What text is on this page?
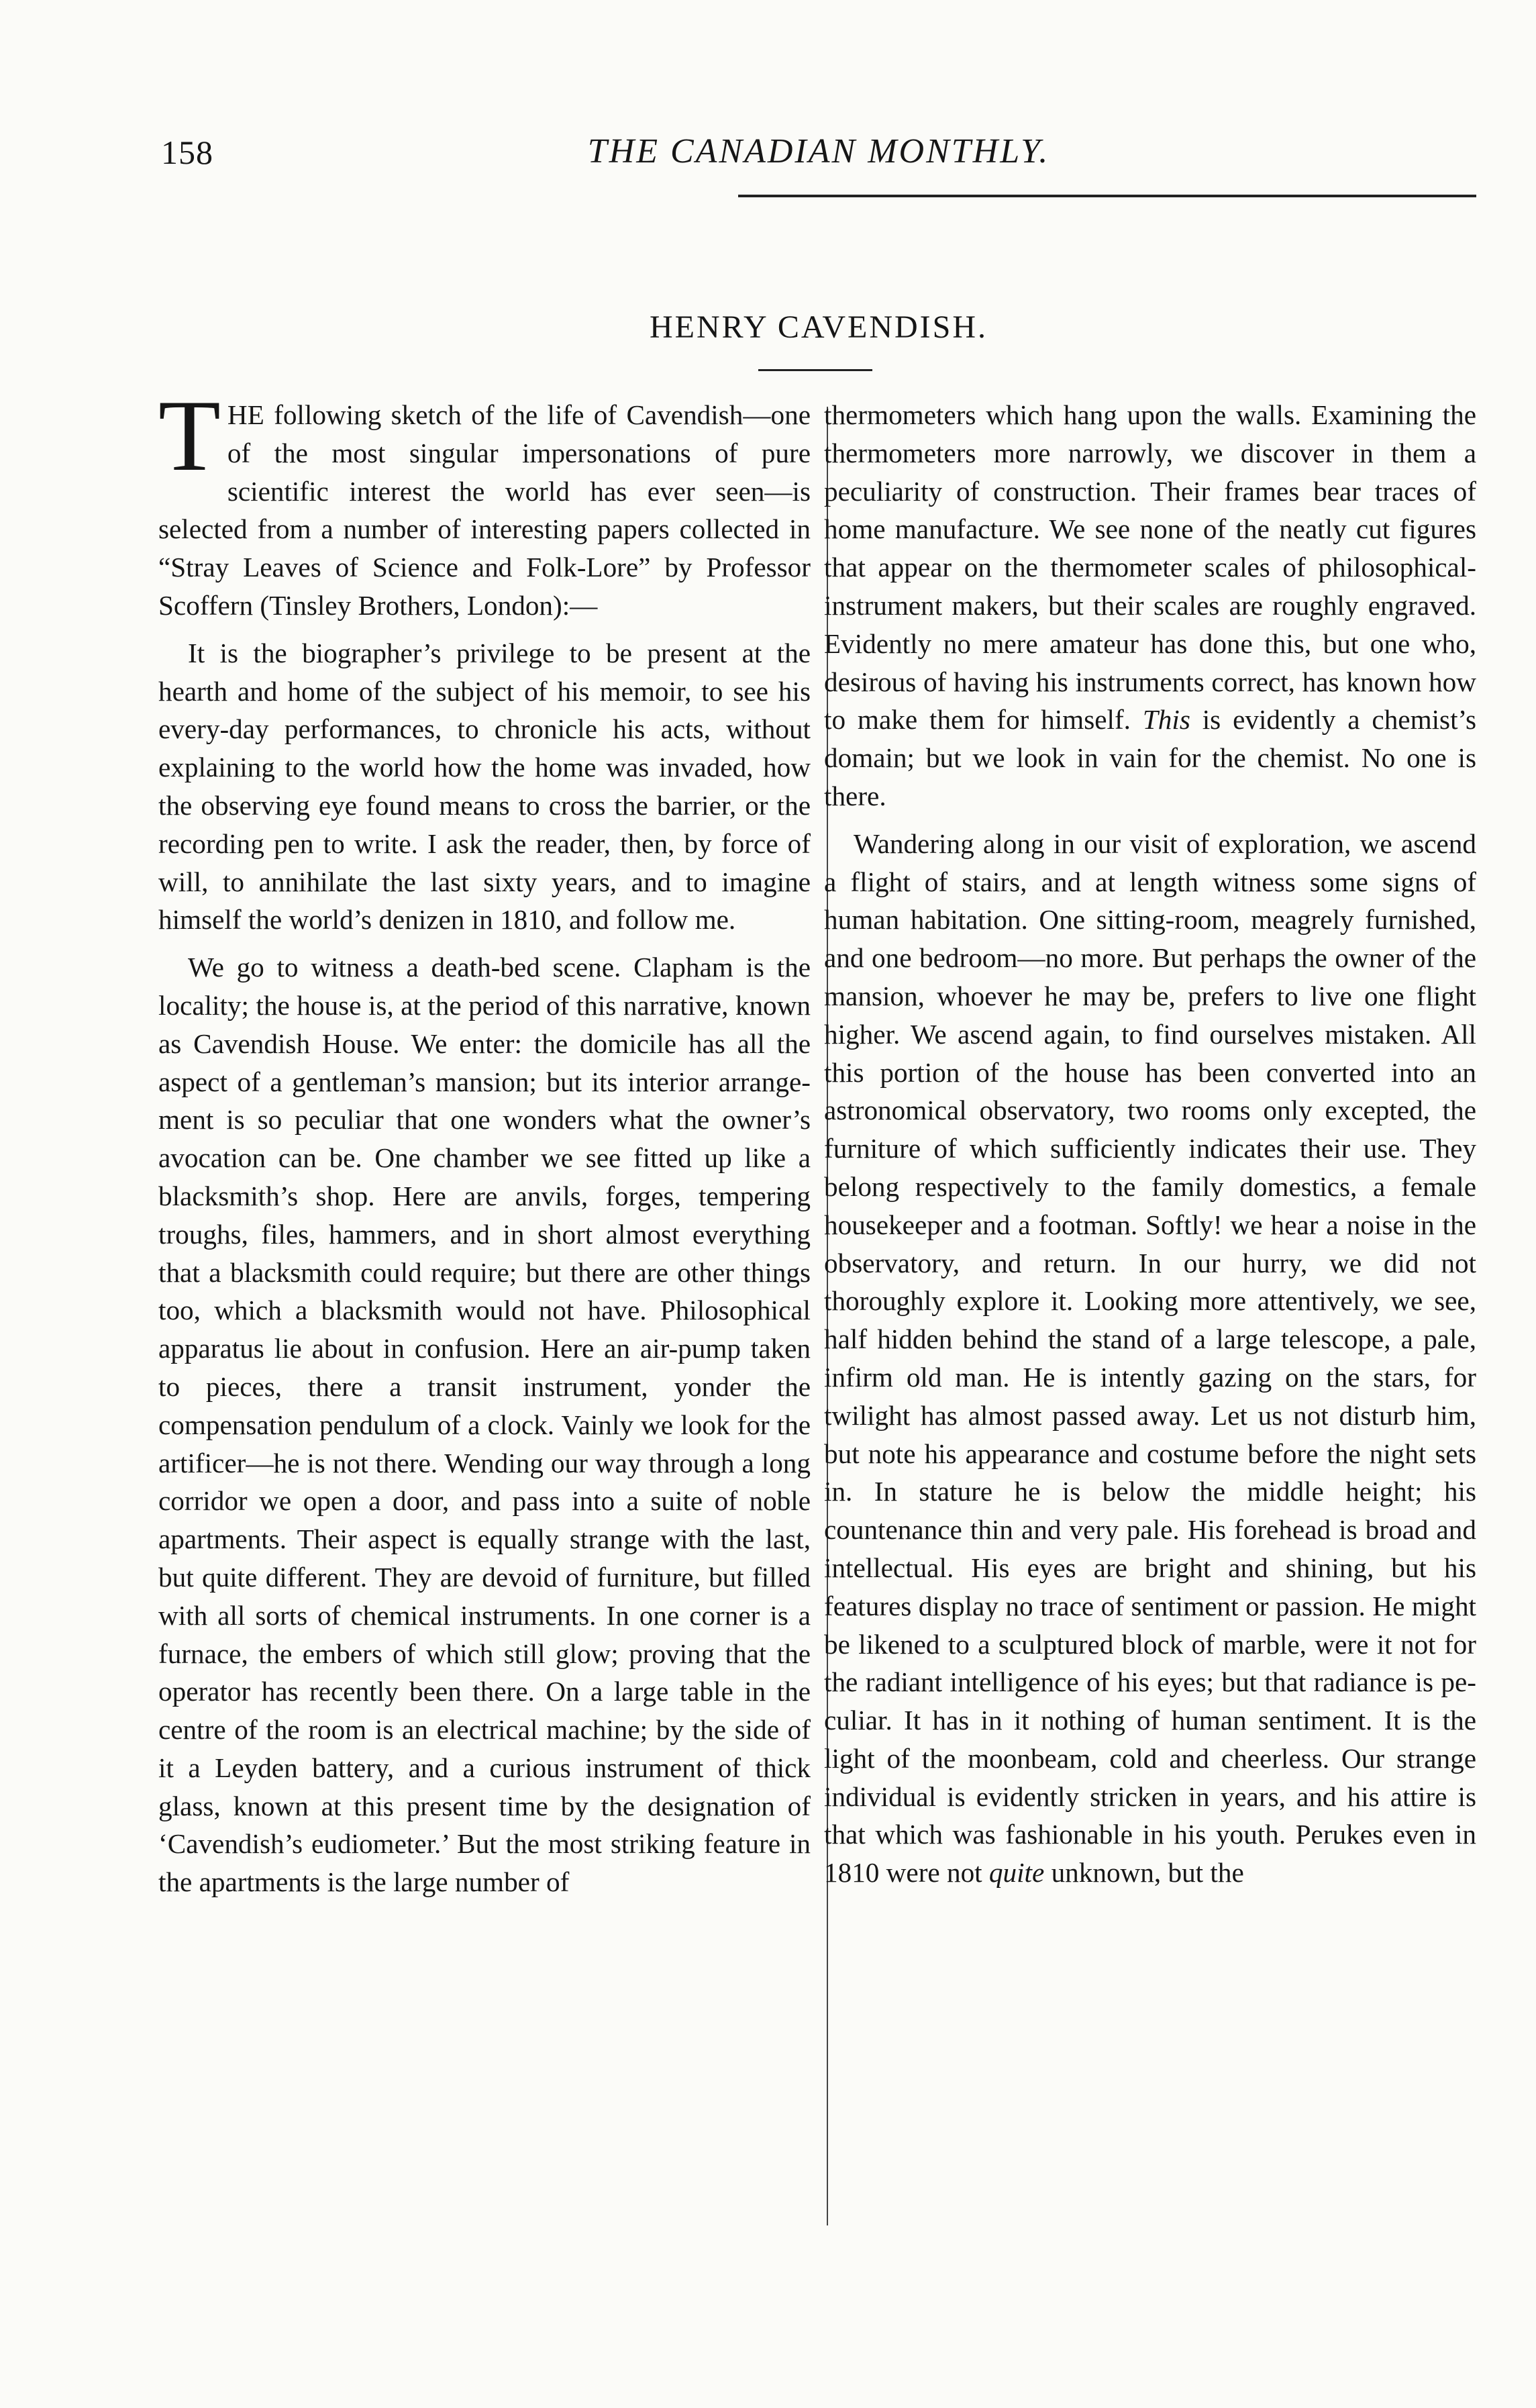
158	THE CANADIAN MONTHLY.
HENRY CAVENDISH.

THE following sketch of the life of Cavendish—one of the most singular impersonations of pure scientific interest the world has ever seen—is selected from a number of interesting papers collected in “Stray Leaves of Science and Folk-Lore” by Professor Scoffern (Tinsley Brothers, London):—

It is the biographer’s privilege to be present at the hearth and home of the subject of his memoir, to see his every-day performances, to chronicle his acts, without explaining to the world how the home was invaded, how the observing eye found means to cross the barrier, or the recording pen to write. I ask the reader, then, by force of will, to annihilate the last sixty years, and to imagine himself the world’s denizen in 1810, and follow me.

We go to witness a death-bed scene. Clapham is the locality; the house is, at the period of this narrative, known as Cavendish House. We enter: the domicile has all the aspect of a gentleman’s mansion; but its interior arrangement is so peculiar that one wonders what the owner’s avocation can be. One chamber we see fitted up like a blacksmith’s shop. Here are anvils, forges, tempering troughs, files, hammers, and in short almost everything that a blacksmith could require; but there are other things too, which a blacksmith would not have. Philosophical apparatus lie about in confusion. Here an air-pump taken to pieces, there a transit instrument, yonder the compensation pendulum of a clock. Vainly we look for the artificer—he is not there. Wending our way through a long corridor we open a door, and pass into a suite of noble apartments. Their aspect is equally strange with the last, but quite different. They are devoid of furniture, but filled with all sorts of chemical instruments. In one corner is a furnace, the embers of which still glow; proving that the operator has recently been there. On a large table in the centre of the room is an electrical machine; by the side of it a Leyden battery, and a curious instrument of thick glass, known at this present time by the designation of ‘Cavendish’s eudiometer.’ But the most striking feature in the apartments is the large number of

thermometers which hang upon the walls. Examining the thermometers more narrowly, we discover in them a peculiarity of construction. Their frames bear traces of home manufacture. We see none of the neatly cut figures that appear on the thermometer scales of philosophical-instrument makers, but their scales are roughly engraved. Evidently no mere amateur has done this, but one who, desirous of having his instruments correct, has known how to make them for himself. This is evidently a chemist’s domain; but we look in vain for the chemist. No one is there.

Wandering along in our visit of exploration, we ascend a flight of stairs, and at length witness some signs of human habitation. One sitting-room, meagrely furnished, and one bedroom—no more. But perhaps the owner of the mansion, whoever he may be, prefers to live one flight higher. We ascend again, to find ourselves mistaken. All this portion of the house has been converted into an astronomical observatory, two rooms only excepted, the furniture of which sufficiently indicates their use. They belong respectively to the family domestics, a female housekeeper and a footman. Softly! we hear a noise in the observatory, and return. In our hurry, we did not thoroughly explore it. Looking more attentively, we see, half hidden behind the stand of a large telescope, a pale, infirm old man. He is intently gazing on the stars, for twilight has almost passed away. Let us not disturb him, but note his appearance and costume before the night sets in. In stature he is below the middle height; his countenance thin and very pale. His forehead is broad and intellectual. His eyes are bright and shining, but his features display no trace of sentiment or passion. He might be likened to a sculptured block of marble, were it not for the radiant intelligence of his eyes; but that radiance is peculiar. It has in it nothing of human sentiment. It is the light of the moonbeam, cold and cheerless. Our strange individual is evidently stricken in years, and his attire is that which was fashionable in his youth. Perukes even in 1810 were not quite unknown, but the
